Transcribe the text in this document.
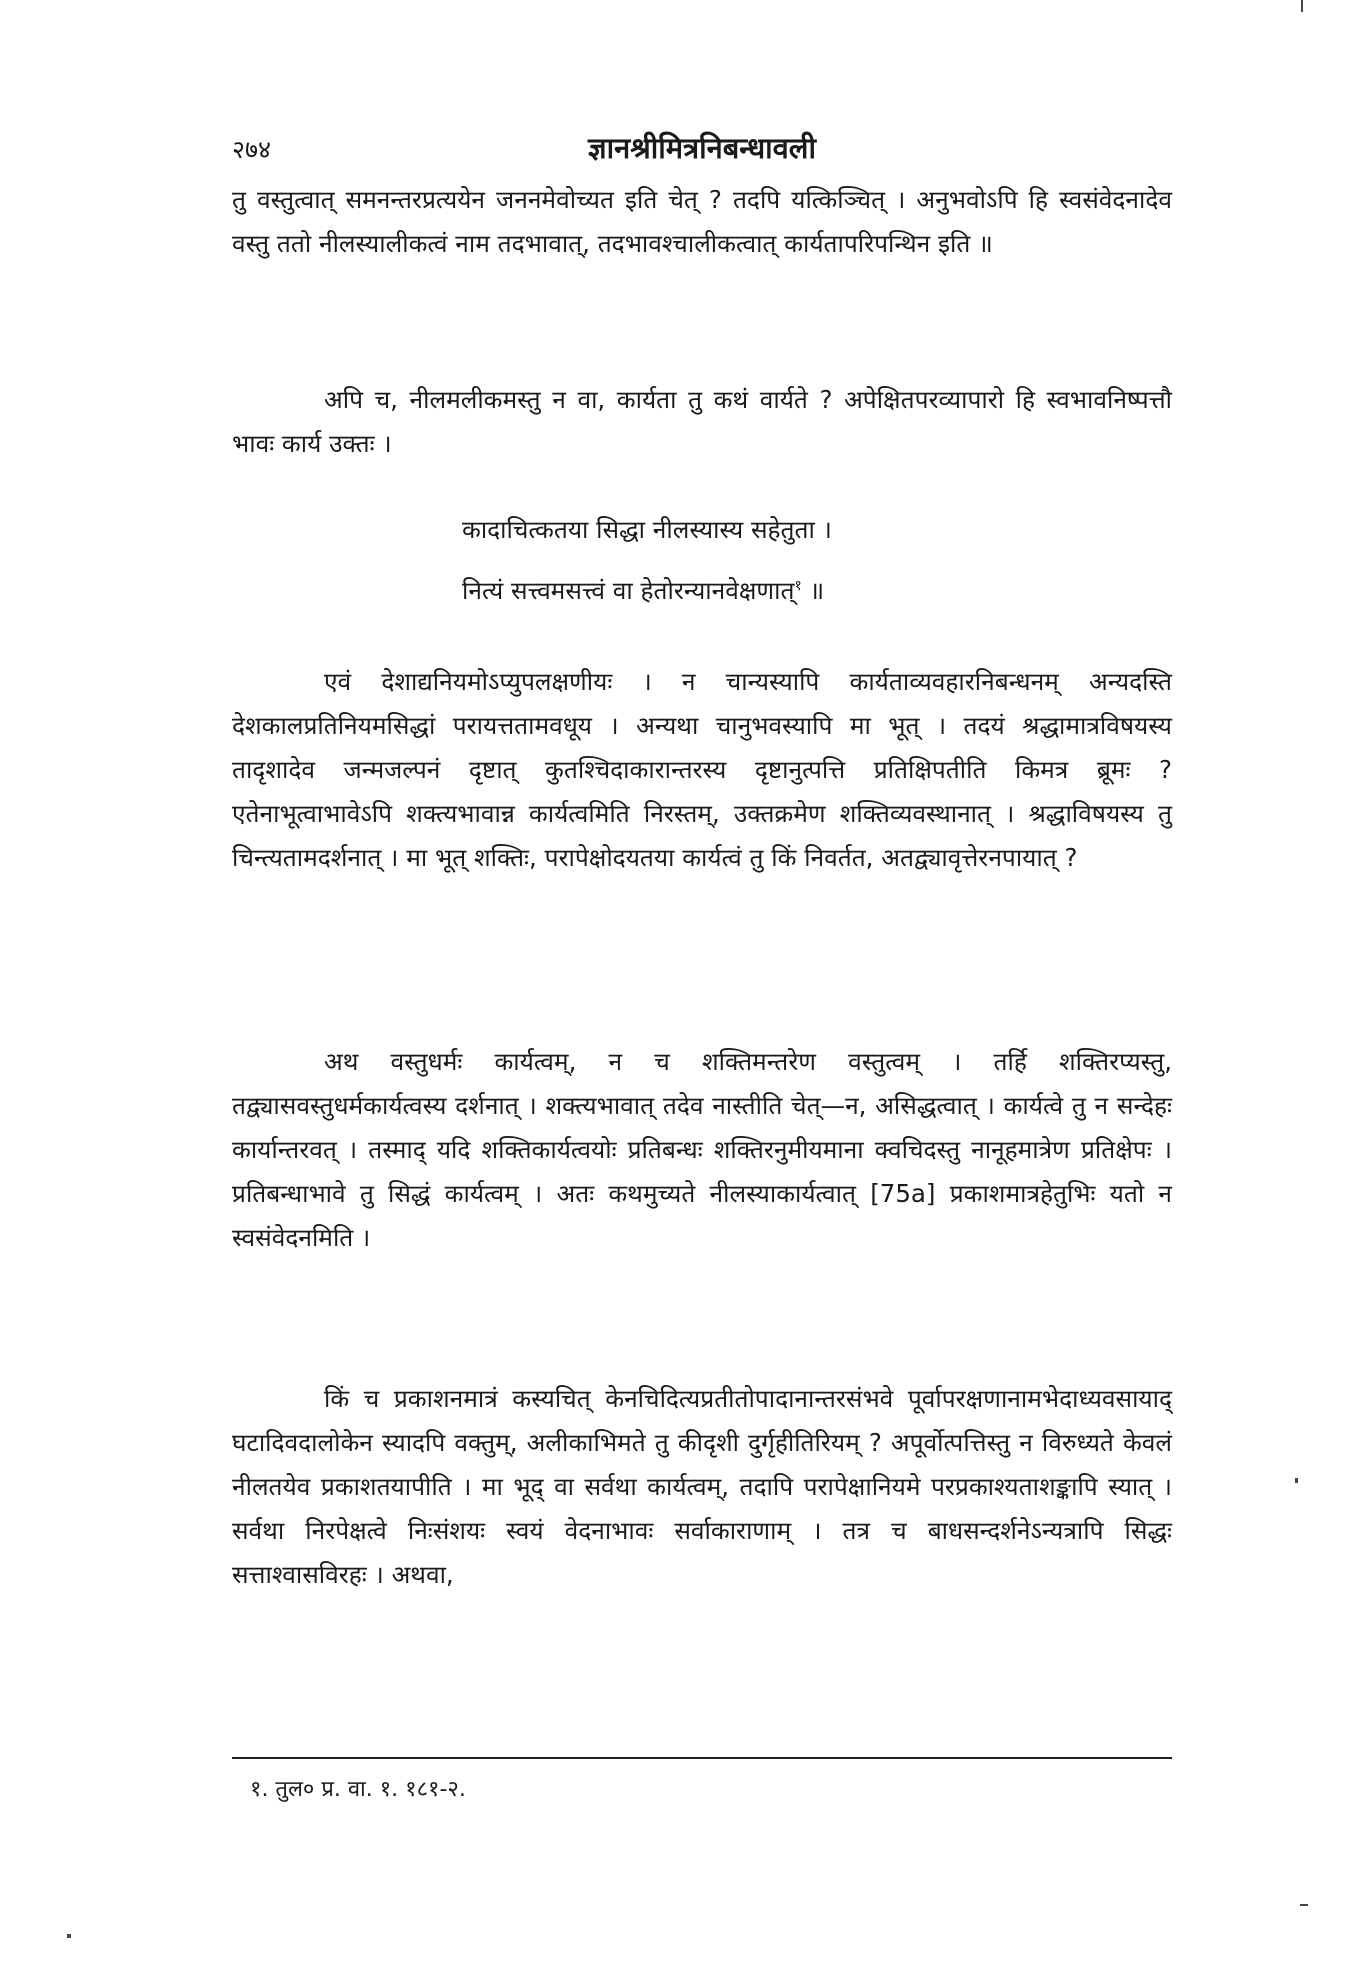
२७४	ज्ञानश्रीमित्रनिबन्धावली

तु वस्तुत्वात् समनन्तरप्रत्ययेन जननमेवोच्यत इति चेत् ? तदपि यत्किञ्चित् । अनुभवोऽपि हि स्वसंवेदनादेव वस्तु ततो नीलस्यालीकत्वं नाम तदभावात्, तदभावश्चालीकत्वात् कार्यतापरिपन्थिन इति ॥

अपि च, नीलमलीकमस्तु न वा, कार्यता तु कथं वार्यते ? अपेक्षितपरव्यापारो हि स्वभावनिष्पत्तौ भावः कार्य उक्तः ।

कादाचित्कतया सिद्धा नीलस्यास्य सहेतुता ।
नित्यं सत्त्वमसत्त्वं वा हेतोरन्यानवेक्षणात्$^१$ ॥

एवं देशाद्यनियमोऽप्युपलक्षणीयः । न चान्यस्यापि कार्यताव्यवहारनिबन्धनम् अन्यदस्ति देशकालप्रतिनियमसिद्धां परायत्ततामवधूय । अन्यथा चानुभवस्यापि मा भूत् । तदयं श्रद्धामात्रविषयस्य तादृशादेव जन्मजल्पनं दृष्टात् कुतश्चिदाकारान्तरस्य दृष्टानुत्पत्ति प्रतिक्षिपतीति किमत्र ब्रूमः ? एतेनाभूत्वाभावेऽपि शक्त्यभावान्न कार्यत्वमिति निरस्तम्, उक्तक्रमेण शक्तिव्यवस्थानात् । श्रद्धाविषयस्य तु चिन्त्यतामदर्शनात् । मा भूत् शक्तिः, परापेक्षोदयतया कार्यत्वं तु किं निवर्तत, अतद्व्यावृत्तेरनपायात् ?

अथ वस्तुधर्मः कार्यत्वम्, न च शक्तिमन्तरेण वस्तुत्वम् । तर्हि शक्तिरप्यस्तु, तद्व्यासवस्तुधर्मकार्यत्वस्य दर्शनात् । शक्त्यभावात् तदेव नास्तीति चेत्—न, असिद्धत्वात् । कार्यत्वे तु न सन्देहः कार्यान्तरवत् । तस्माद् यदि शक्तिकार्यत्वयोः प्रतिबन्धः शक्तिरनुमीयमाना क्वचिदस्तु नानूहमात्रेण प्रतिक्षेपः । प्रतिबन्धाभावे तु सिद्धं कार्यत्वम् । अतः कथमुच्यते नीलस्याकार्यत्वात् [75a] प्रकाशमात्रहेतुभिः यतो न स्वसंवेदनमिति ।

किं च प्रकाशनमात्रं कस्यचित् केनचिदित्यप्रतीतोपादानान्तरसंभवे पूर्वापरक्षणानामभेदाध्यवसायाद् घटादिवदालोकेन स्यादपि वक्तुम्, अलीकाभिमते तु कीदृशी दुर्गृहीतिरियम् ? अपूर्वोत्पत्तिस्तु न विरुध्यते केवलं नीलतयेव प्रकाशतयापीति । मा भूद् वा सर्वथा कार्यत्वम्, तदापि परापेक्षानियमे परप्रकाश्यताशङ्कापि स्यात् । सर्वथा निरपेक्षत्वे निःसंशयः स्वयं वेदनाभावः सर्वाकाराणाम् । तत्र च बाधसन्दर्शनेऽन्यत्रापि सिद्धः सत्ताश्वासविरहः । अथवा,

१. तुल० प्र. वा. १. १८१-२.
